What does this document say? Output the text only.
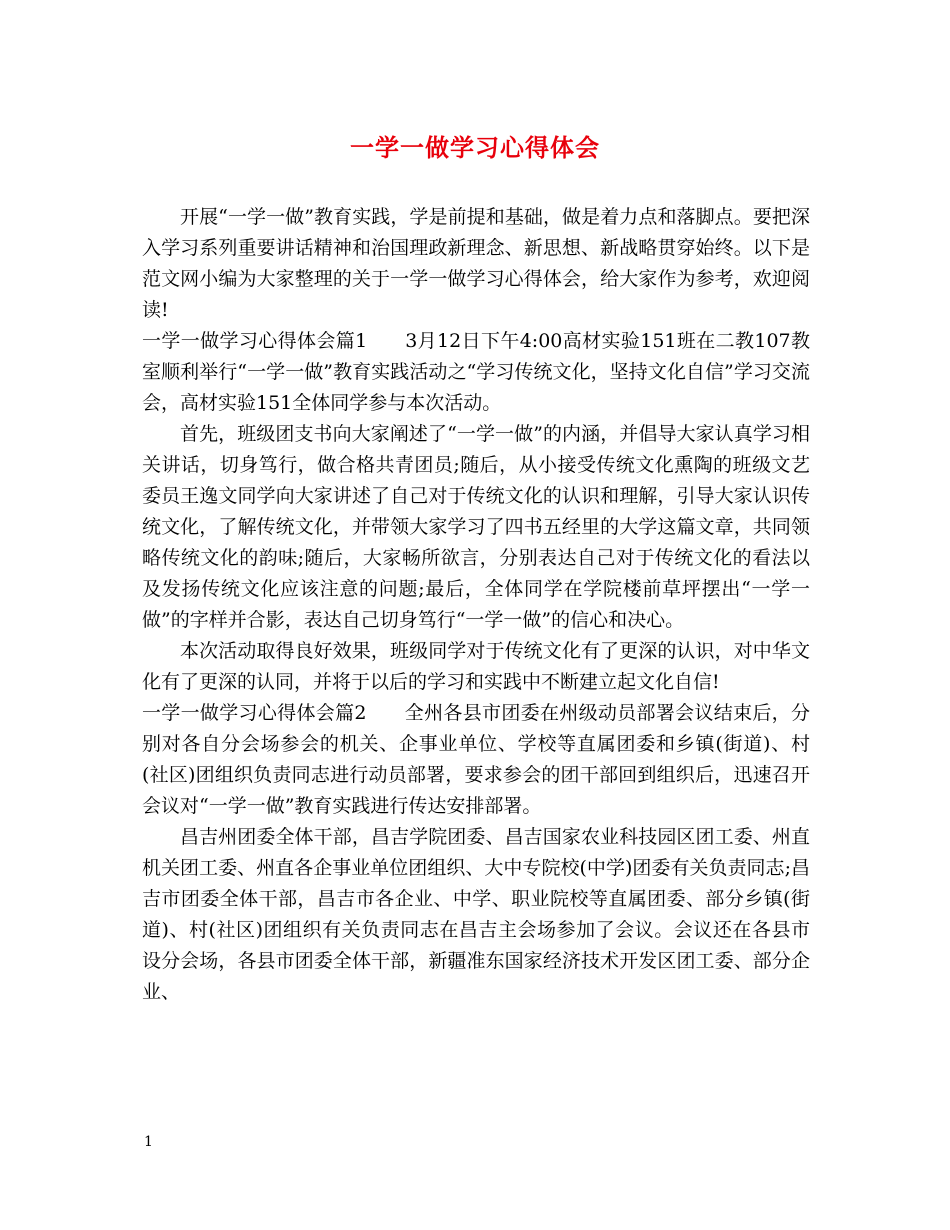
一学一做学习心得体会

开展“一学一做”教育实践，学是前提和基础，做是着力点和落脚点。要把深入学习系列重要讲话精神和治国理政新理念、新思想、新战略贯穿始终。以下是范文网小编为大家整理的关于一学一做学习心得体会，给大家作为参考，欢迎阅读!

一学一做学习心得体会篇1 3月12日下午4:00高材实验151班在二教107教室顺利举行“一学一做”教育实践活动之“学习传统文化，坚持文化自信”学习交流会，高材实验151全体同学参与本次活动。

首先，班级团支书向大家阐述了“一学一做”的内涵，并倡导大家认真学习相关讲话，切身笃行，做合格共青团员;随后，从小接受传统文化熏陶的班级文艺委员王逸文同学向大家讲述了自己对于传统文化的认识和理解，引导大家认识传统文化，了解传统文化，并带领大家学习了四书五经里的大学这篇文章，共同领略传统文化的韵味;随后，大家畅所欲言，分别表达自己对于传统文化的看法以及发扬传统文化应该注意的问题;最后，全体同学在学院楼前草坪摆出“一学一做”的字样并合影，表达自己切身笃行“一学一做”的信心和决心。

本次活动取得良好效果，班级同学对于传统文化有了更深的认识，对中华文化有了更深的认同，并将于以后的学习和实践中不断建立起文化自信!

一学一做学习心得体会篇2 全州各县市团委在州级动员部署会议结束后，分别对各自分会场参会的机关、企事业单位、学校等直属团委和乡镇(街道)、村(社区)团组织负责同志进行动员部署，要求参会的团干部回到组织后，迅速召开会议对“一学一做”教育实践进行传达安排部署。

昌吉州团委全体干部，昌吉学院团委、昌吉国家农业科技园区团工委、州直机关团工委、州直各企事业单位团组织、大中专院校(中学)团委有关负责同志;昌吉市团委全体干部，昌吉市各企业、中学、职业院校等直属团委、部分乡镇(街道)、村(社区)团组织有关负责同志在昌吉主会场参加了会议。会议还在各县市设分会场，各县市团委全体干部，新疆准东国家经济技术开发区团工委、部分企业、

1
